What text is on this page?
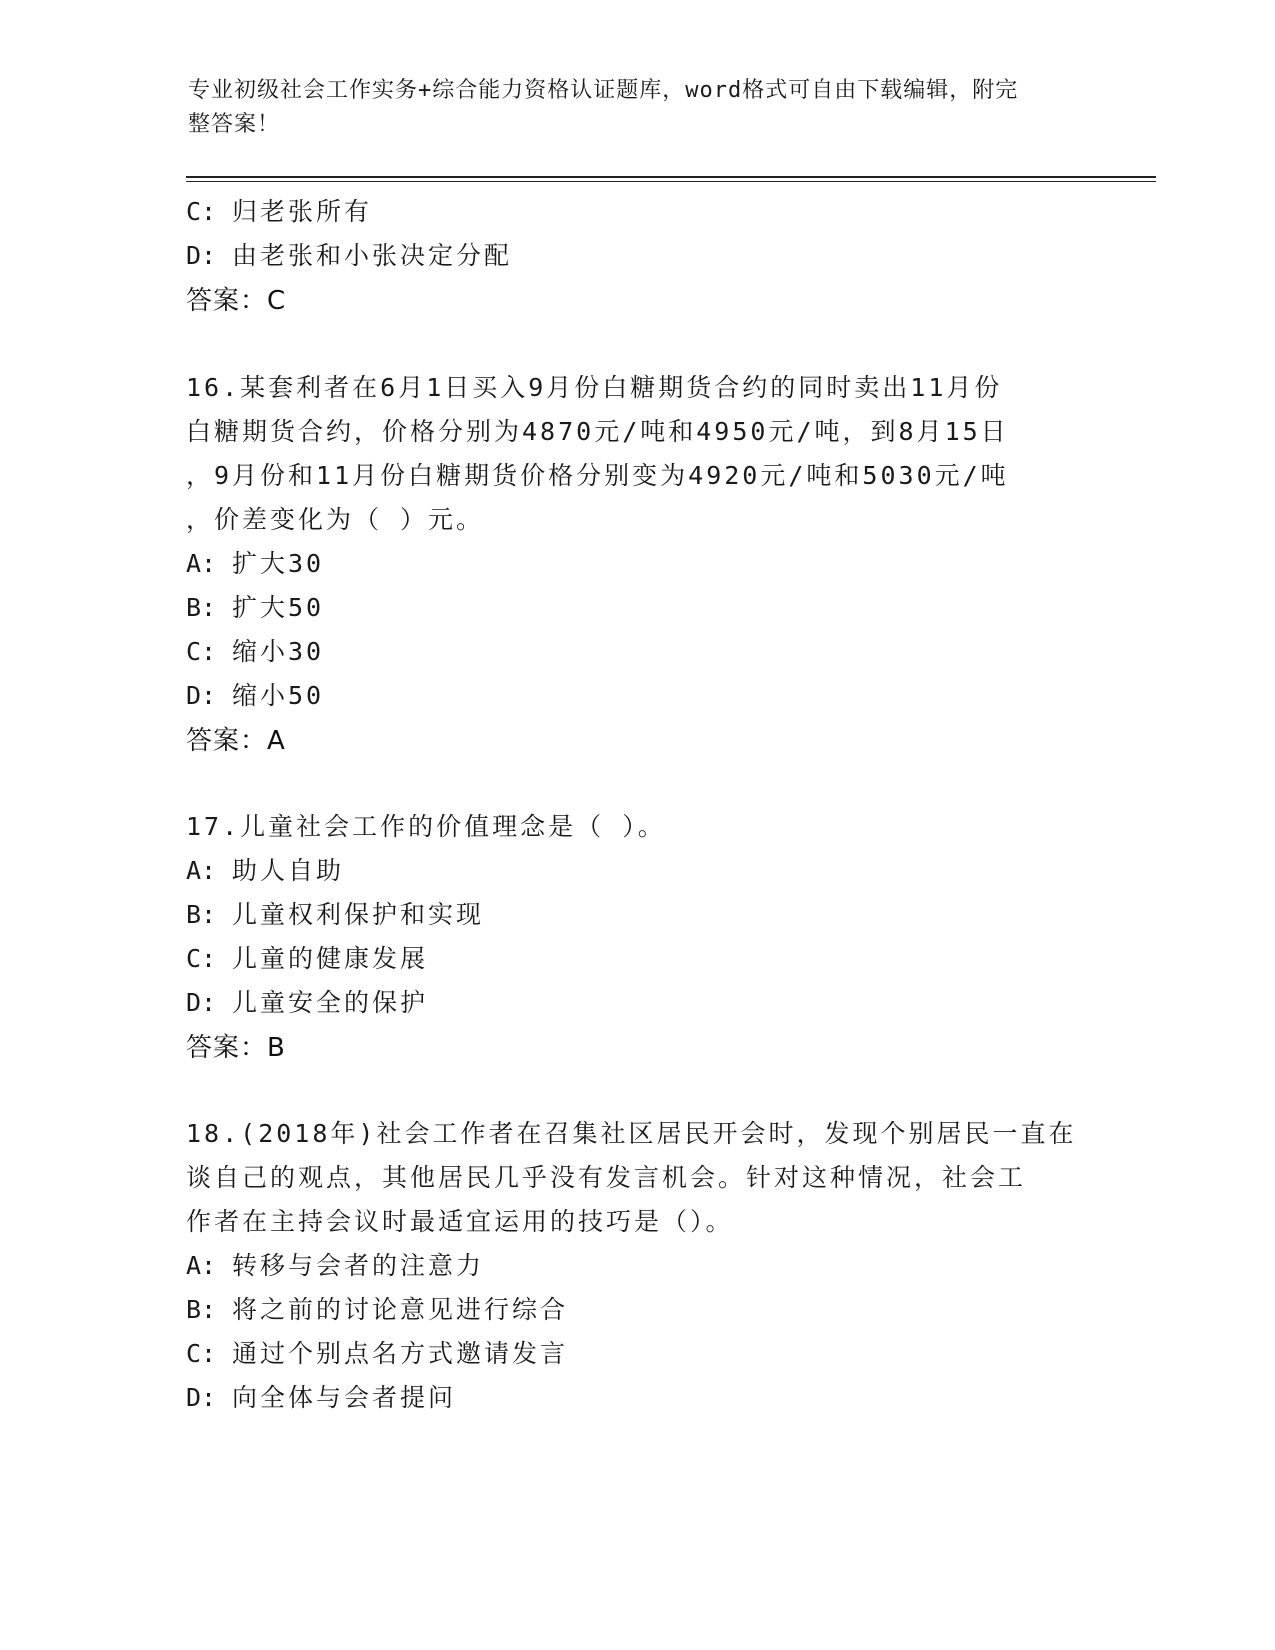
专业初级社会工作实务+综合能力资格认证题库，word格式可自由下载编辑，附完
整答案！
C: 归老张所有
D: 由老张和小张决定分配
答案：C
16.某套利者在6月1日买入9月份白糖期货合约的同时卖出11月份
白糖期货合约，价格分别为4870元/吨和4950元/吨，到8月15日
，9月份和11月份白糖期货价格分别变为4920元/吨和5030元/吨
，价差变化为（ ）元。
A: 扩大30
B: 扩大50
C: 缩小30
D: 缩小50
答案：A
17.儿童社会工作的价值理念是（ ）。
A: 助人自助
B: 儿童权利保护和实现
C: 儿童的健康发展
D: 儿童安全的保护
答案：B
18.(2018年)社会工作者在召集社区居民开会时，发现个别居民一直在
谈自己的观点，其他居民几乎没有发言机会。针对这种情况，社会工
作者在主持会议时最适宜运用的技巧是（）。
A: 转移与会者的注意力
B: 将之前的讨论意见进行综合
C: 通过个别点名方式邀请发言
D: 向全体与会者提问
